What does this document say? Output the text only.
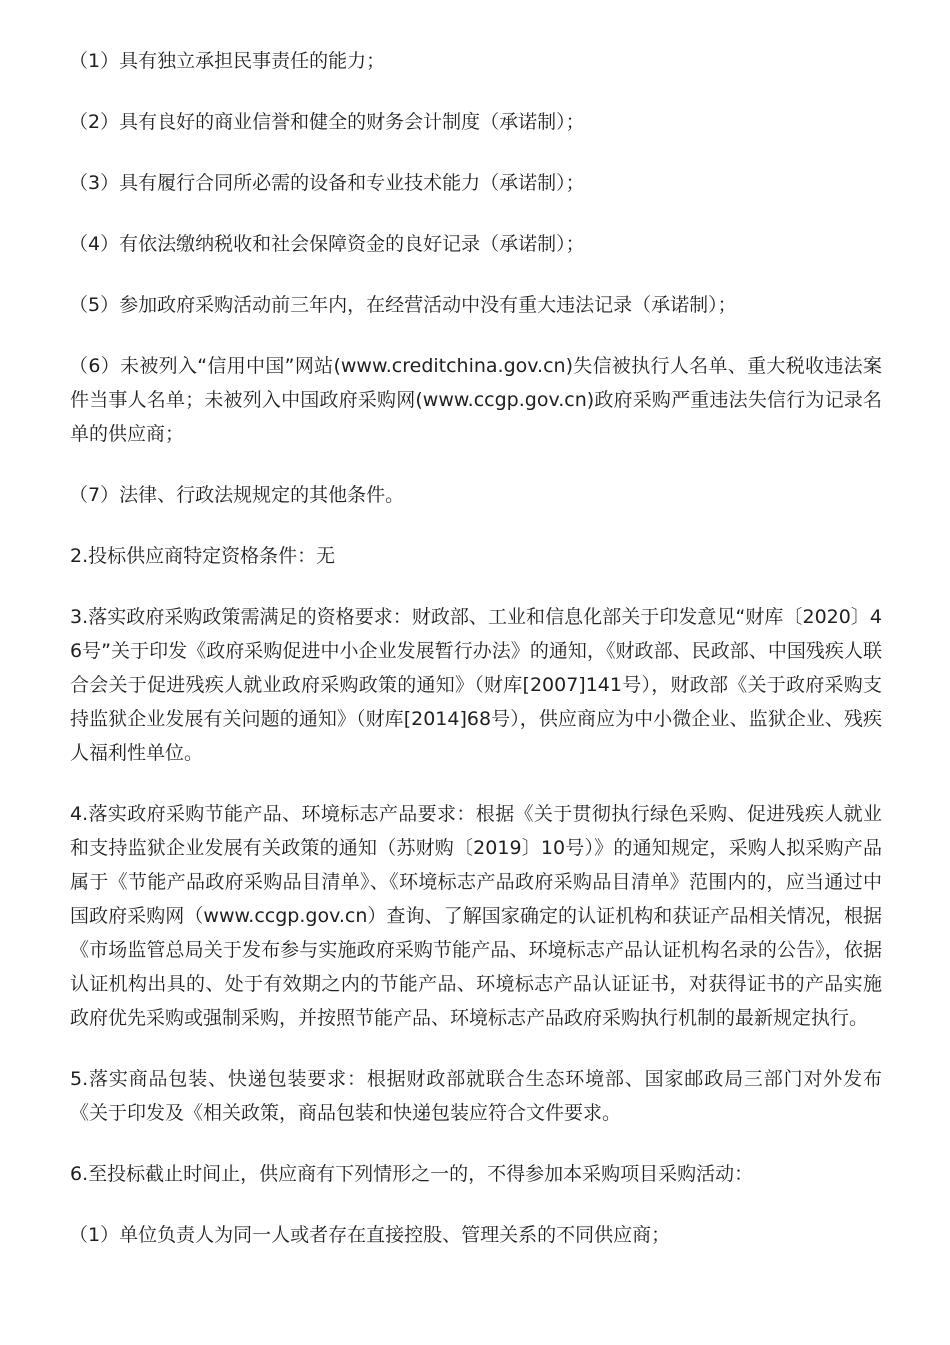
（1）具有独立承担民事责任的能力；

（2）具有良好的商业信誉和健全的财务会计制度（承诺制）；

（3）具有履行合同所必需的设备和专业技术能力（承诺制）；

（4）有依法缴纳税收和社会保障资金的良好记录（承诺制）；

（5）参加政府采购活动前三年内，在经营活动中没有重大违法记录（承诺制）；

（6）未被列入“信用中国”网站(www.creditchina.gov.cn)失信被执行人名单、重大税收违法案件当事人名单；未被列入中国政府采购网(www.ccgp.gov.cn)政府采购严重违法失信行为记录名单的供应商；

（7）法律、行政法规规定的其他条件。

2.投标供应商特定资格条件：无

3.落实政府采购政策需满足的资格要求：财政部、工业和信息化部关于印发意见“财库〔2020〕46号”关于印发《政府采购促进中小企业发展暂行办法》的通知，《财政部、民政部、中国残疾人联合会关于促进残疾人就业政府采购政策的通知》（财库[2007]141号），财政部《关于政府采购支持监狱企业发展有关问题的通知》（财库[2014]68号），供应商应为中小微企业、监狱企业、残疾人福利性单位。

4.落实政府采购节能产品、环境标志产品要求：根据《关于贯彻执行绿色采购、促进残疾人就业和支持监狱企业发展有关政策的通知（苏财购〔2019〕10号）》的通知规定，采购人拟采购产品属于《节能产品政府采购品目清单》、《环境标志产品政府采购品目清单》范围内的，应当通过中国政府采购网（www.ccgp.gov.cn）查询、了解国家确定的认证机构和获证产品相关情况，根据《市场监管总局关于发布参与实施政府采购节能产品、环境标志产品认证机构名录的公告》，依据认证机构出具的、处于有效期之内的节能产品、环境标志产品认证证书，对获得证书的产品实施政府优先采购或强制采购，并按照节能产品、环境标志产品政府采购执行机制的最新规定执行。

5.落实商品包装、快递包装要求：根据财政部就联合生态环境部、国家邮政局三部门对外发布《关于印发及《相关政策，商品包装和快递包装应符合文件要求。

6.至投标截止时间止，供应商有下列情形之一的，不得参加本采购项目采购活动：

（1）单位负责人为同一人或者存在直接控股、管理关系的不同供应商；
